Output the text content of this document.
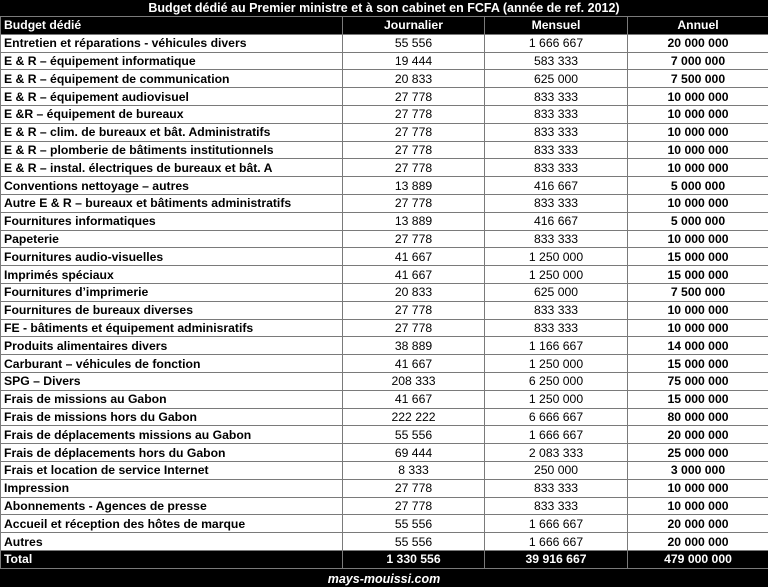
Budget dédié au Premier ministre et à son cabinet en FCFA (année de ref. 2012)
Budget dédié	Journalier	Mensuel	Annuel
Entretien et réparations - véhicules divers	55 556	1 666 667	20 000 000
E & R – équipement informatique	19 444	583 333	7 000 000
E & R – équipement de communication	20 833	625 000	7 500 000
E & R – équipement audiovisuel	27 778	833 333	10 000 000
E &R – équipement de bureaux	27 778	833 333	10 000 000
E & R – clim. de bureaux et bât. Administratifs	27 778	833 333	10 000 000
E & R – plomberie de bâtiments institutionnels	27 778	833 333	10 000 000
E & R – instal. électriques de bureaux et bât. A	27 778	833 333	10 000 000
Conventions nettoyage – autres	13 889	416 667	5 000 000
Autre E & R – bureaux et bâtiments administratifs	27 778	833 333	10 000 000
Fournitures informatiques	13 889	416 667	5 000 000
Papeterie	27 778	833 333	10 000 000
Fournitures audio-visuelles	41 667	1 250 000	15 000 000
Imprimés spéciaux	41 667	1 250 000	15 000 000
Fournitures d’imprimerie	20 833	625 000	7 500 000
Fournitures de bureaux diverses	27 778	833 333	10 000 000
FE - bâtiments et équipement adminisratifs	27 778	833 333	10 000 000
Produits alimentaires divers	38 889	1 166 667	14 000 000
Carburant – véhicules de fonction	41 667	1 250 000	15 000 000
SPG – Divers	208 333	6 250 000	75 000 000
Frais de missions au Gabon	41 667	1 250 000	15 000 000
Frais de missions hors du Gabon	222 222	6 666 667	80 000 000
Frais de déplacements missions au Gabon	55 556	1 666 667	20 000 000
Frais de déplacements hors du Gabon	69 444	2 083 333	25 000 000
Frais et location de service Internet	8 333	250 000	3 000 000
Impression	27 778	833 333	10 000 000
Abonnements - Agences de presse	27 778	833 333	10 000 000
Accueil et réception des hôtes de marque	55 556	1 666 667	20 000 000
Autres	55 556	1 666 667	20 000 000
Total	1 330 556	39 916 667	479 000 000
mays-mouissi.com
